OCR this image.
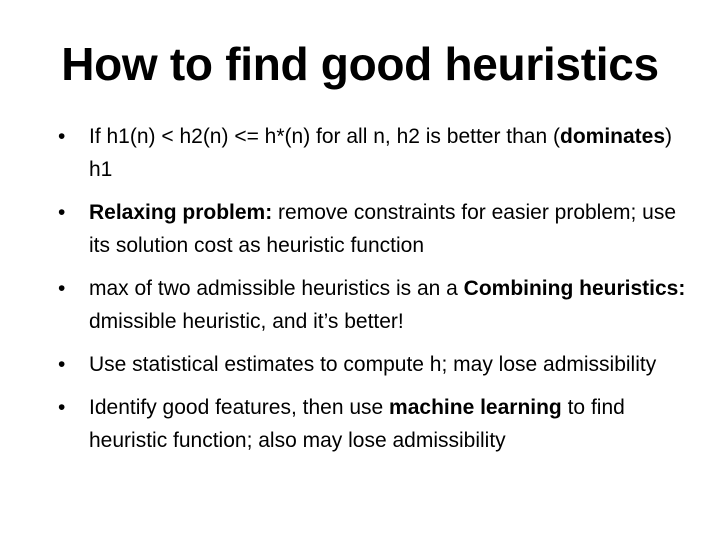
How to find good heuristics
•	If h1(n) < h2(n) <= h*(n) for all n, h2 is better than (dominates) h1
•	Relaxing problem: remove constraints for easier problem; use its solution cost as heuristic function
•	max of two admissible heuristics is an a Combining heuristics: dmissible heuristic, and it’s better!
•	Use statistical estimates to compute h; may lose admissibility
•	Identify good features, then use machine learning to find heuristic function; also may lose admissibility
